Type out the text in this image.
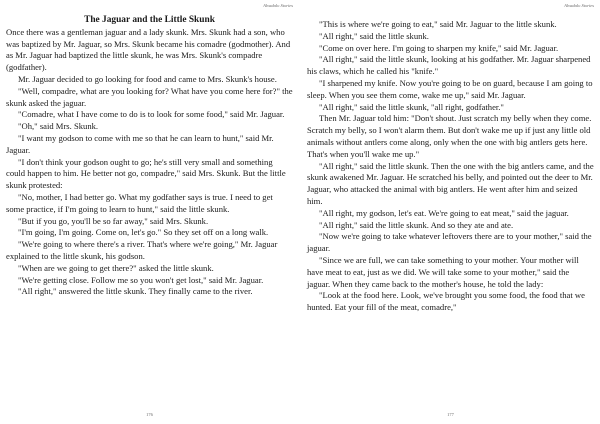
Alvadalo Stories
The Jaguar and the Little Skunk

Once there was a gentleman jaguar and a lady skunk. Mrs. Skunk had a son, who was baptized by Mr. Jaguar, so Mrs. Skunk became his comadre (godmother). And as Mr. Jaguar had baptized the little skunk, he was Mrs. Skunk's compadre (godfather).

Mr. Jaguar decided to go looking for food and came to Mrs. Skunk's house.

"Well, compadre, what are you looking for? What have you come here for?" the skunk asked the jaguar.

"Comadre, what I have come to do is to look for some food," said Mr. Jaguar.

"Oh," said Mrs. Skunk.

"I want my godson to come with me so that he can learn to hunt," said Mr. Jaguar.

"I don't think your godson ought to go; he's still very small and something could happen to him. He better not go, compadre," said Mrs. Skunk. But the little skunk protested:

"No, mother, I had better go. What my godfather says is true. I need to get some practice, if I'm going to learn to hunt," said the little skunk.

"But if you go, you'll be so far away," said Mrs. Skunk.

"I'm going, I'm going. Come on, let's go." So they set off on a long walk.

"We're going to where there's a river. That's where we're going," Mr. Jaguar explained to the little skunk, his godson.

"When are we going to get there?" asked the little skunk.

"We're getting close. Follow me so you won't get lost," said Mr. Jaguar.

"All right," answered the little skunk. They finally came to the river.

176
Alvadalo Stories

"This is where we're going to eat," said Mr. Jaguar to the little skunk.

"All right," said the little skunk.

"Come on over here. I'm going to sharpen my knife," said Mr. Jaguar.

"All right," said the little skunk, looking at his godfather. Mr. Jaguar sharpened his claws, which he called his "knife."

"I sharpened my knife. Now you're going to be on guard, because I am going to sleep. When you see them come, wake me up," said Mr. Jaguar.

"All right," said the little skunk, "all right, godfather."

Then Mr. Jaguar told him: "Don't shout. Just scratch my belly when they come. Scratch my belly, so I won't alarm them. But don't wake me up if just any little old animals without antlers come along, only when the one with big antlers gets here. That's when you'll wake me up."

"All right," said the little skunk. Then the one with the big antlers came, and the skunk awakened Mr. Jaguar. He scratched his belly, and pointed out the deer to Mr. Jaguar, who attacked the animal with big antlers. He went after him and seized him.

"All right, my godson, let's eat. We're going to eat meat," said the jaguar.

"All right," said the little skunk. And so they ate and ate.

"Now we're going to take whatever leftovers there are to your mother," said the jaguar.

"Since we are full, we can take something to your mother. Your mother will have meat to eat, just as we did. We will take some to your mother," said the jaguar. When they came back to the mother's house, he told the lady:

"Look at the food here. Look, we've brought you some food, the food that we hunted. Eat your fill of the meat, comadre,"

177
